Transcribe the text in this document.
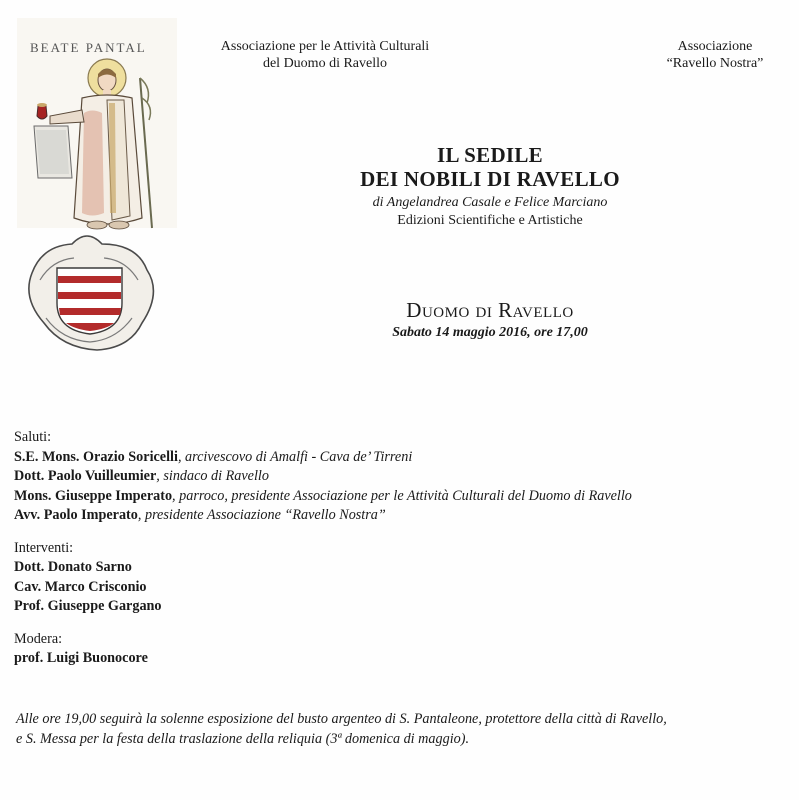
BEATE PANTAL	Associazione per le Attività Culturali
del Duomo di Ravello
Associazione
“Ravello Nostra”
IL SEDILE
DEI NOBILI DI RAVELLO
di Angelandrea Casale e Felice Marciano
Edizioni Scientifiche e Artistiche
Duomo di Ravello
Sabato 14 maggio 2016, ore 17,00
Saluti:
S.E. Mons. Orazio Soricelli, arcivescovo di Amalfi - Cava de’ Tirreni
Dott. Paolo Vuilleumier, sindaco di Ravello
Mons. Giuseppe Imperato, parroco, presidente Associazione per le Attività Culturali del Duomo di Ravello
Avv. Paolo Imperato, presidente Associazione “Ravello Nostra”
Interventi:
Dott. Donato Sarno
Cav. Marco Crisconio
Prof. Giuseppe Gargano
Modera:
prof. Luigi Buonocore
Alle ore 19,00 seguirà la solenne esposizione del busto argenteo di S. Pantaleone, protettore della città di Ravello,
e S. Messa per la festa della traslazione della reliquia (3ª domenica di maggio).
